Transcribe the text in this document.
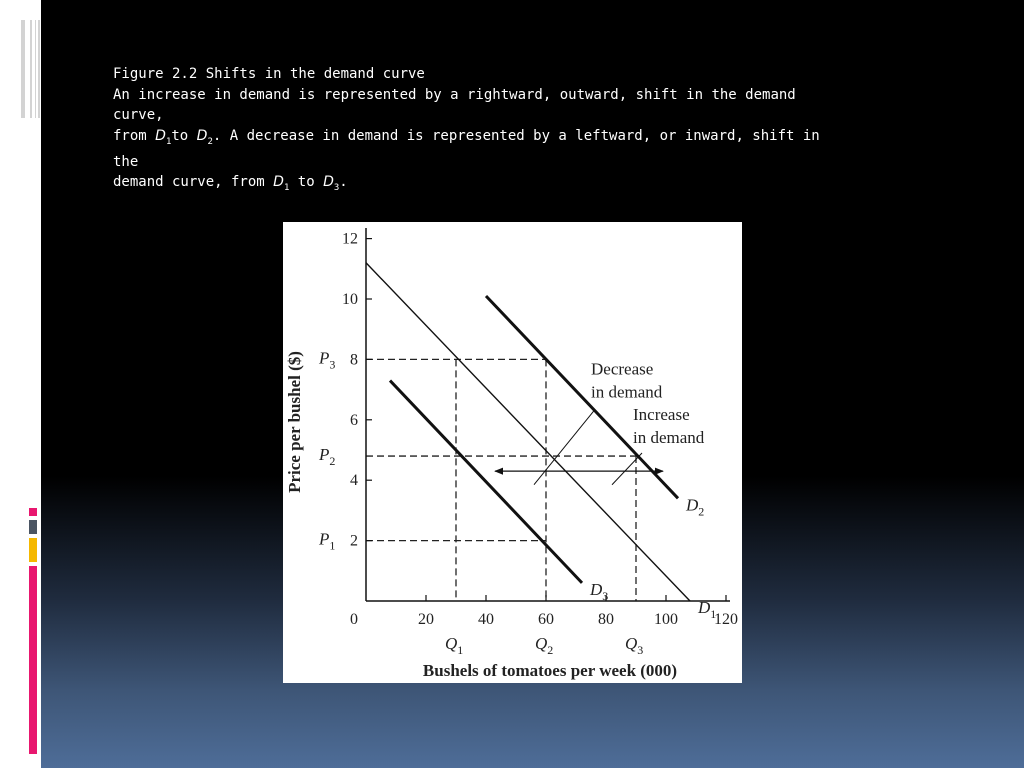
Figure 2.2 Shifts in the demand curve
An increase in demand is represented by a rightward, outward, shift in the demand curve,
from $D_1to$ $D_2$. A decrease in demand is represented by a leftward, or inward, shift in the
demand curve, from $D_1$ to $D_3$.
2
4
6
8
10
12
0	20	40	60	80	100 120
$D_1$
$D_2$
$D_3$
Decrease
in demand
Increase
in demand
$P_1$
$P_2$
$P_3$
$Q_1$	$Q_2$	$Q_3$
Bushels of tomatoes per week (000)
Price per bushel ($)
